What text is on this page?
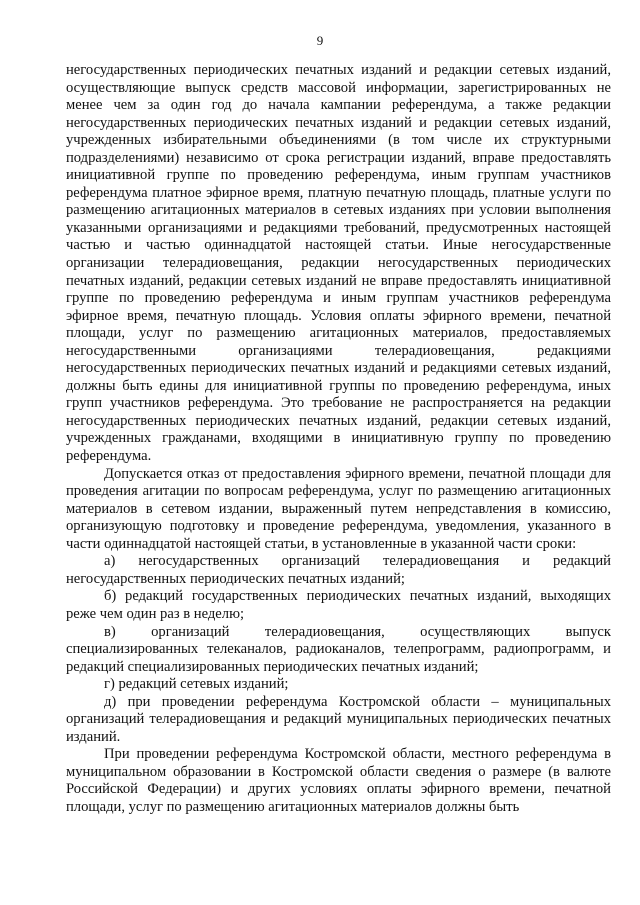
9

негосударственных периодических печатных изданий и редакции сетевых изданий, осуществляющие выпуск средств массовой информации, зарегистрированных не менее чем за один год до начала кампании референдума, а также редакции негосударственных периодических печатных изданий и редакции сетевых изданий, учрежденных избирательными объединениями (в том числе их структурными подразделениями) независимо от срока регистрации изданий, вправе предоставлять инициативной группе по проведению референдума, иным группам участников референдума платное эфирное время, платную печатную площадь, платные услуги по размещению агитационных материалов в сетевых изданиях при условии выполнения указанными организациями и редакциями требований, предусмотренных настоящей частью и частью одиннадцатой настоящей статьи. Иные негосударственные организации телерадиовещания, редакции негосударственных периодических печатных изданий, редакции сетевых изданий не вправе предоставлять инициативной группе по проведению референдума и иным группам участников референдума эфирное время, печатную площадь. Условия оплаты эфирного времени, печатной площади, услуг по размещению агитационных материалов, предоставляемых негосударственными организациями телерадиовещания, редакциями негосударственных периодических печатных изданий и редакциями сетевых изданий, должны быть едины для инициативной группы по проведению референдума, иных групп участников референдума. Это требование не распространяется на редакции негосударственных периодических печатных изданий, редакции сетевых изданий, учрежденных гражданами, входящими в инициативную группу по проведению референдума.

Допускается отказ от предоставления эфирного времени, печатной площади для проведения агитации по вопросам референдума, услуг по размещению агитационных материалов в сетевом издании, выраженный путем непредставления в комиссию, организующую подготовку и проведение референдума, уведомления, указанного в части одиннадцатой настоящей статьи, в установленные в указанной части сроки:

а) негосударственных организаций телерадиовещания и редакций негосударственных периодических печатных изданий;

б) редакций государственных периодических печатных изданий, выходящих реже чем один раз в неделю;

в) организаций телерадиовещания, осуществляющих выпуск специализированных телеканалов, радиоканалов, телепрограмм, радиопрограмм, и редакций специализированных периодических печатных изданий;

г) редакций сетевых изданий;

д) при проведении референдума Костромской области – муниципальных организаций телерадиовещания и редакций муниципальных периодических печатных изданий.

При проведении референдума Костромской области, местного референдума в муниципальном образовании в Костромской области сведения о размере (в валюте Российской Федерации) и других условиях оплаты эфирного времени, печатной площади, услуг по размещению агитационных материалов должны быть
